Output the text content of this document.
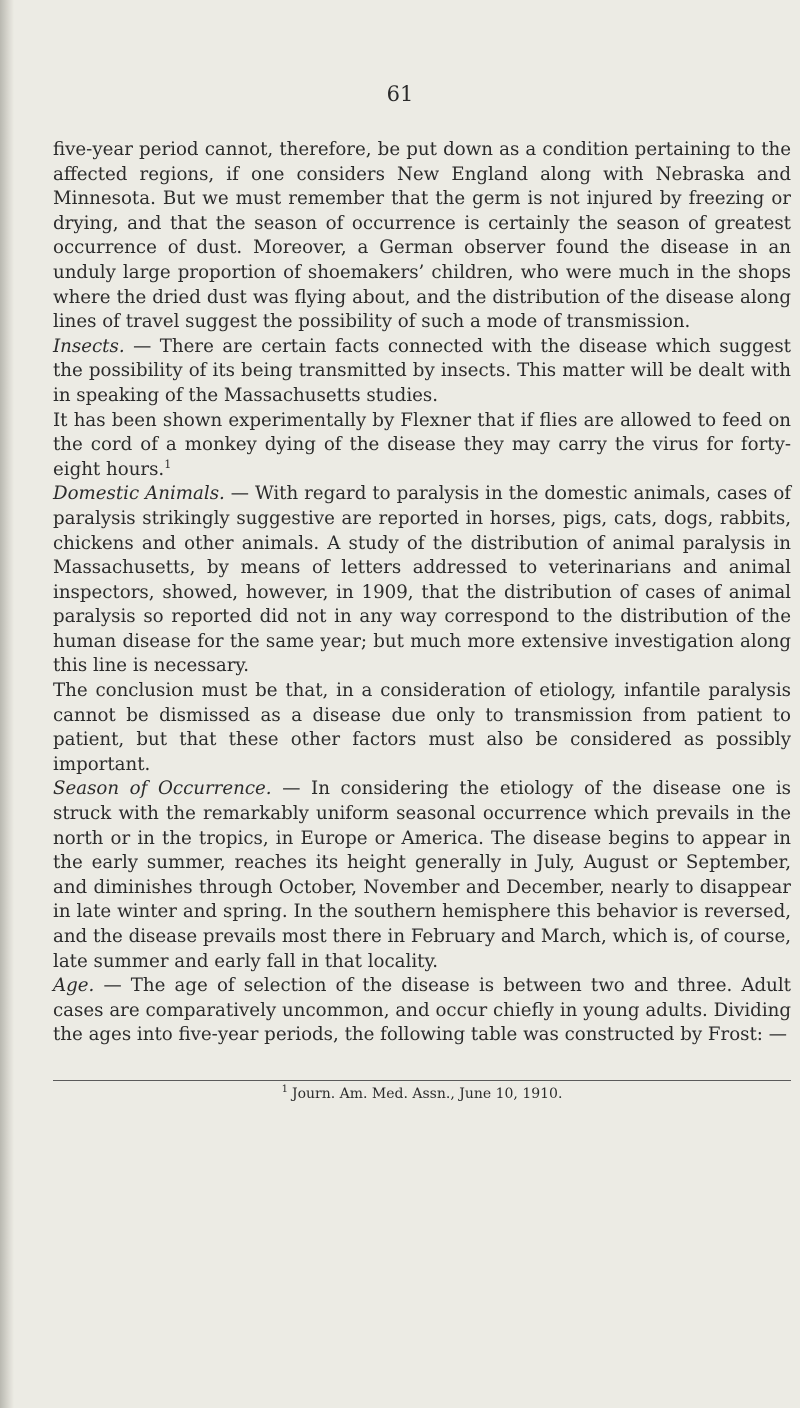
61

five-year period cannot, therefore, be put down as a condition pertaining to the affected regions, if one considers New England along with Nebraska and Minnesota. But we must remember that the germ is not injured by freezing or drying, and that the season of occurrence is certainly the season of greatest occurrence of dust. Moreover, a German observer found the disease in an unduly large proportion of shoemakers’ children, who were much in the shops where the dried dust was flying about, and the distribution of the disease along lines of travel suggest the possibility of such a mode of transmission.

Insects. — There are certain facts connected with the disease which suggest the possibility of its being transmitted by insects. This matter will be dealt with in speaking of the Massachusetts studies.

It has been shown experimentally by Flexner that if flies are allowed to feed on the cord of a monkey dying of the disease they may carry the virus for forty-eight hours.$^1$

Domestic Animals. — With regard to paralysis in the domestic animals, cases of paralysis strikingly suggestive are reported in horses, pigs, cats, dogs, rabbits, chickens and other animals. A study of the distribution of animal paralysis in Massachusetts, by means of letters addressed to veterinarians and animal inspectors, showed, however, in 1909, that the distribution of cases of animal paralysis so reported did not in any way correspond to the distribution of the human disease for the same year; but much more extensive investigation along this line is necessary.

The conclusion must be that, in a consideration of etiology, infantile paralysis cannot be dismissed as a disease due only to transmission from patient to patient, but that these other factors must also be considered as possibly important.

Season of Occurrence. — In considering the etiology of the disease one is struck with the remarkably uniform seasonal occurrence which prevails in the north or in the tropics, in Europe or America. The disease begins to appear in the early summer, reaches its height generally in July, August or September, and diminishes through October, November and December, nearly to disappear in late winter and spring. In the southern hemisphere this behavior is reversed, and the disease prevails most there in February and March, which is, of course, late summer and early fall in that locality.

Age. — The age of selection of the disease is between two and three. Adult cases are comparatively uncommon, and occur chiefly in young adults. Dividing the ages into five-year periods, the following table was constructed by Frost: —

$^1$ Journ. Am. Med. Assn., June 10, 1910.
